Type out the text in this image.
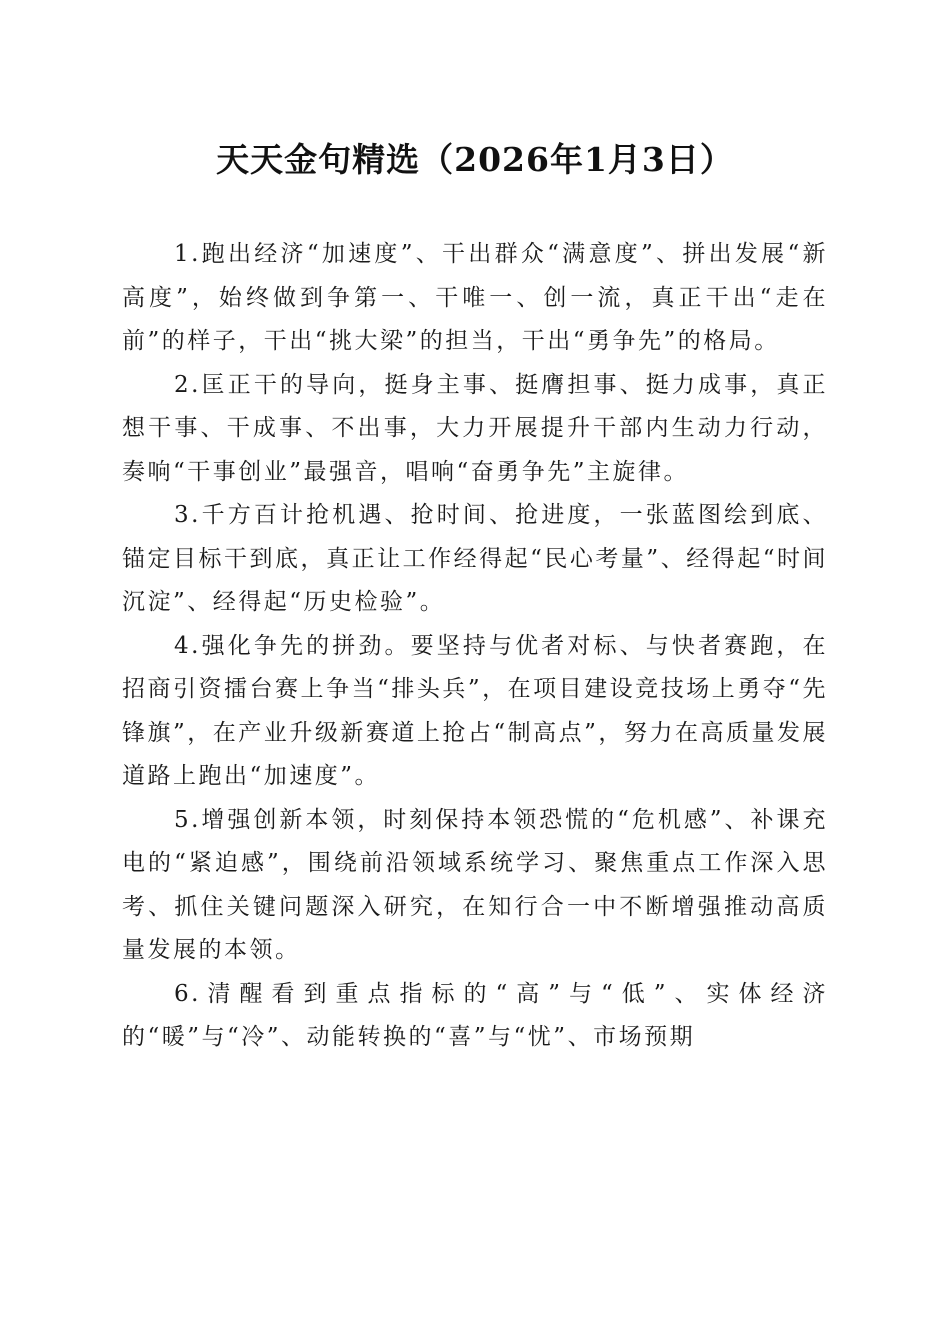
天天金句精选（2026年1月3日）

1.跑出经济“加速度”、干出群众“满意度”、拼出发展“新高度”，始终做到争第一、干唯一、创一流，真正干出“走在前”的样子，干出“挑大梁”的担当，干出“勇争先”的格局。

2.匡正干的导向，挺身主事、挺膺担事、挺力成事，真正想干事、干成事、不出事，大力开展提升干部内生动力行动，奏响“干事创业”最强音，唱响“奋勇争先”主旋律。

3.千方百计抢机遇、抢时间、抢进度，一张蓝图绘到底、锚定目标干到底，真正让工作经得起“民心考量”、经得起“时间沉淀”、经得起“历史检验”。

4.强化争先的拼劲。要坚持与优者对标、与快者赛跑，在招商引资擂台赛上争当“排头兵”，在项目建设竞技场上勇夺“先锋旗”，在产业升级新赛道上抢占“制高点”，努力在高质量发展道路上跑出“加速度”。

5.增强创新本领，时刻保持本领恐慌的“危机感”、补课充电的“紧迫感”，围绕前沿领域系统学习、聚焦重点工作深入思考、抓住关键问题深入研究，在知行合一中不断增强推动高质量发展的本领。

6.清醒看到重点指标的“高”与“低”、实体经济的“暖”与“冷”、动能转换的“喜”与“忧”、市场预期
